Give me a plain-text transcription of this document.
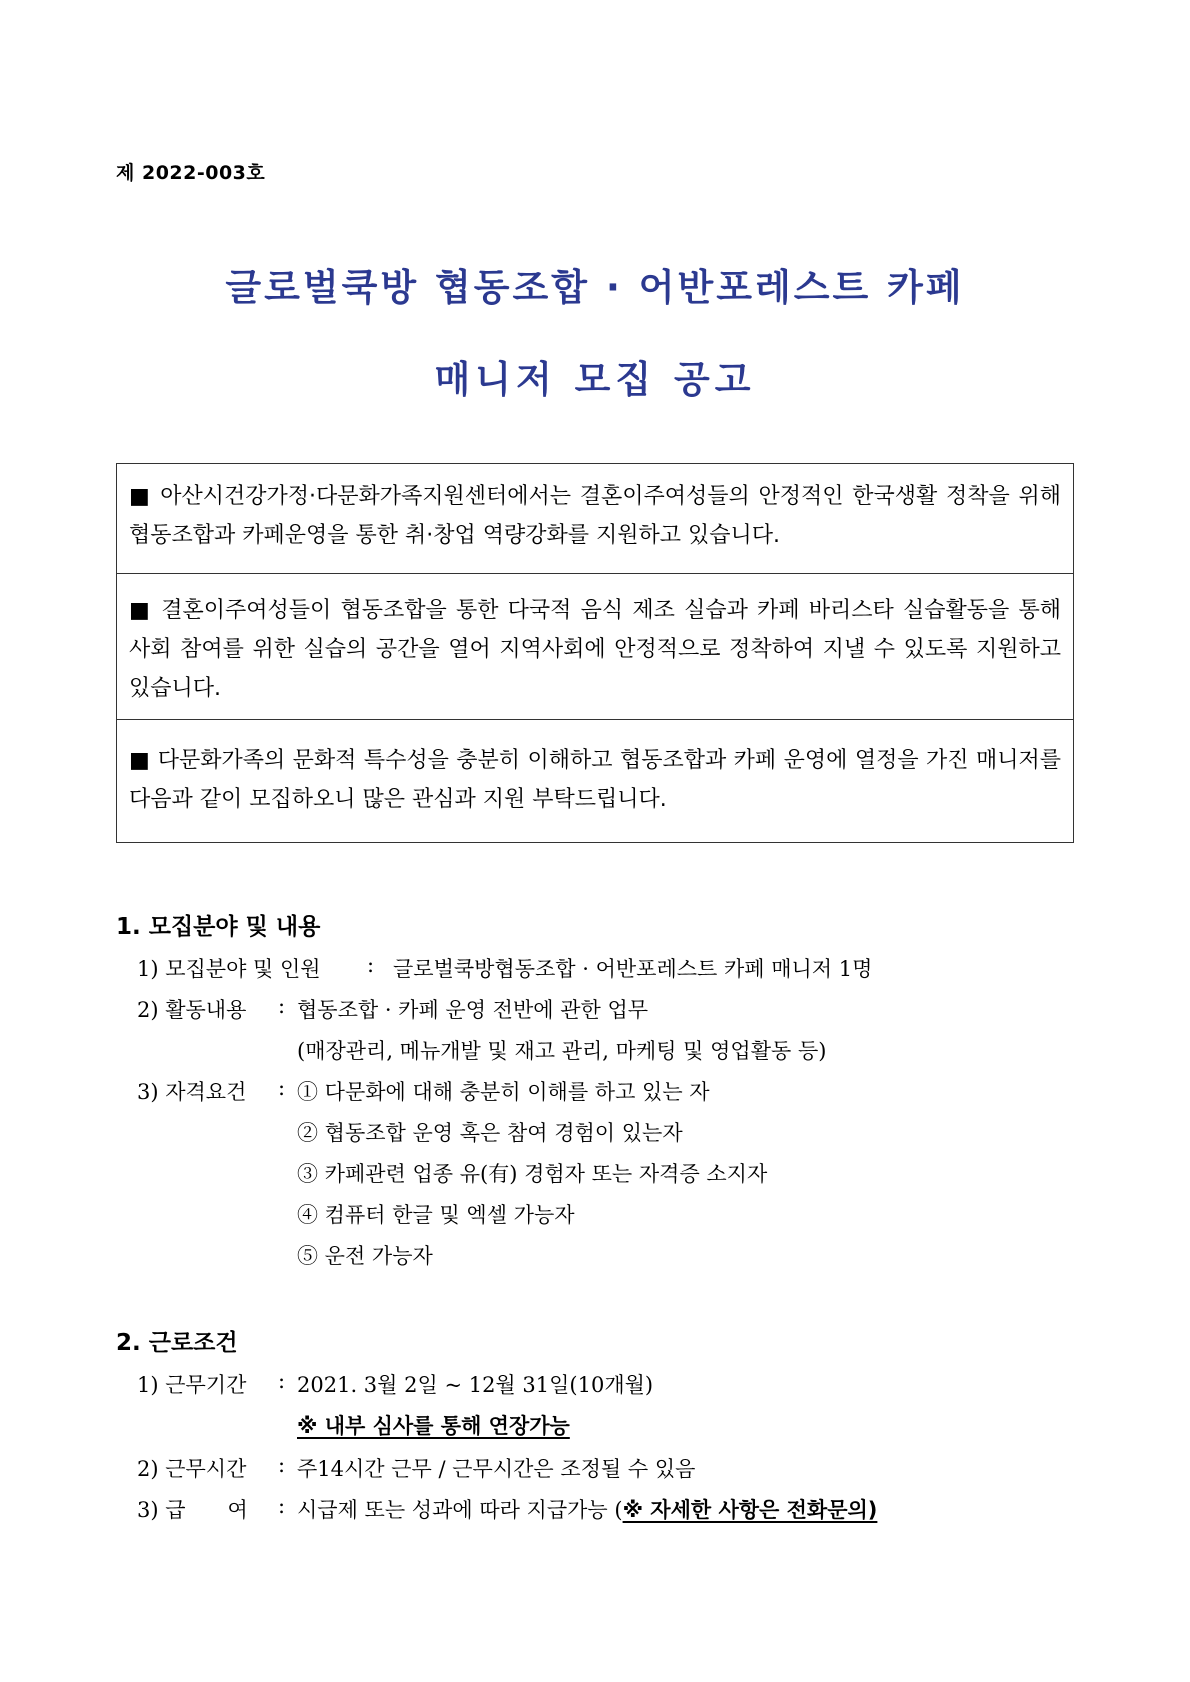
제 2022-003호
글로벌쿡방 협동조합 · 어반포레스트 카페
매니저 모집 공고
■ 아산시건강가정·다문화가족지원센터에서는 결혼이주여성들의 안정적인 한국생활 정착을 위해 협동조합과 카페운영을 통한 취·창업 역량강화를 지원하고 있습니다.
■ 결혼이주여성들이 협동조합을 통한 다국적 음식 제조 실습과 카페 바리스타 실습활동을 통해 사회 참여를 위한 실습의 공간을 열어 지역사회에 안정적으로 정착하여 지낼 수 있도록 지원하고 있습니다.
■ 다문화가족의 문화적 특수성을 충분히 이해하고 협동조합과 카페 운영에 열정을 가진 매니저를 다음과 같이 모집하오니 많은 관심과 지원 부탁드립니다.
1. 모집분야 및 내용
1) 모집분야 및 인원 : 글로벌쿡방협동조합 · 어반포레스트 카페 매니저 1명
2) 활동내용 : 협동조합 · 카페 운영 전반에 관한 업무
(매장관리, 메뉴개발 및 재고 관리, 마케팅 및 영업활동 등)
3) 자격요건 : ① 다문화에 대해 충분히 이해를 하고 있는 자
② 협동조합 운영 혹은 참여 경험이 있는자
③ 카페관련 업종 유(有) 경험자 또는 자격증 소지자
④ 컴퓨터 한글 및 엑셀 가능자
⑤ 운전 가능자
2. 근로조건
1) 근무기간 : 2021. 3월 2일 ~ 12월 31일(10개월)
※ 내부 심사를 통해 연장가능
2) 근무시간 : 주14시간 근무 / 근무시간은 조정될 수 있음
3) 급　　여 : 시급제 또는 성과에 따라 지급가능 (※ 자세한 사항은 전화문의)
